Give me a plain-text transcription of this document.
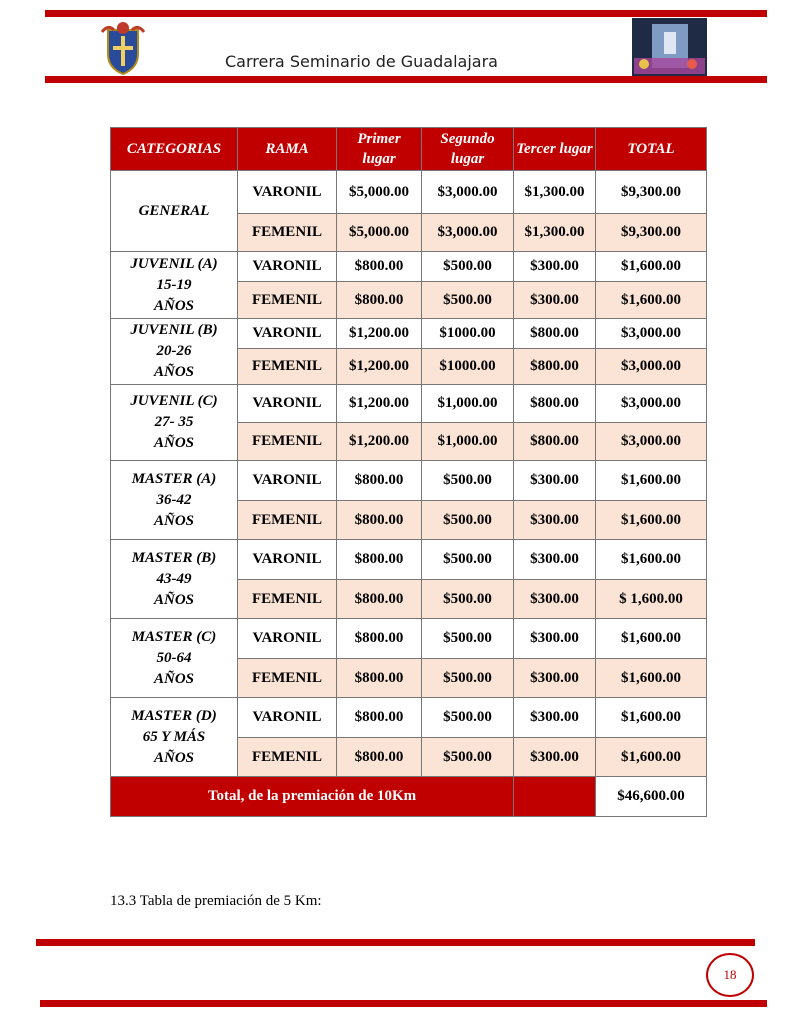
Carrera Seminario de Guadalajara
CATEGORIAS	RAMA	Primer lugar	Segundo lugar	Tercer lugar	TOTAL
GENERAL	VARONIL	$5,000.00	$3,000.00	$1,300.00	$9,300.00
	FEMENIL	$5,000.00	$3,000.00	$1,300.00	$9,300.00
JUVENIL (A)
15-19
AÑOS	VARONIL	$800.00	$500.00	$300.00	$1,600.00
	FEMENIL	$800.00	$500.00	$300.00	$1,600.00
JUVENIL (B)
20-26
AÑOS	VARONIL	$1,200.00	$1000.00	$800.00	$3,000.00
	FEMENIL	$1,200.00	$1000.00	$800.00	$3,000.00
JUVENIL (C)
27- 35
AÑOS	VARONIL	$1,200.00	$1,000.00	$800.00	$3,000.00
	FEMENIL	$1,200.00	$1,000.00	$800.00	$3,000.00
MASTER (A)
36-42
AÑOS	VARONIL	$800.00	$500.00	$300.00	$1,600.00
	FEMENIL	$800.00	$500.00	$300.00	$1,600.00
MASTER (B)
43-49
AÑOS	VARONIL	$800.00	$500.00	$300.00	$1,600.00
	FEMENIL	$800.00	$500.00	$300.00	$ 1,600.00
MASTER (C)
50-64
AÑOS	VARONIL	$800.00	$500.00	$300.00	$1,600.00
	FEMENIL	$800.00	$500.00	$300.00	$1,600.00
MASTER (D)
65 Y MÁS
AÑOS	VARONIL	$800.00	$500.00	$300.00	$1,600.00
	FEMENIL	$800.00	$500.00	$300.00	$1,600.00
Total, de la premiación de 10Km					$46,600.00
13.3 Tabla de premiación de 5 Km:
18
